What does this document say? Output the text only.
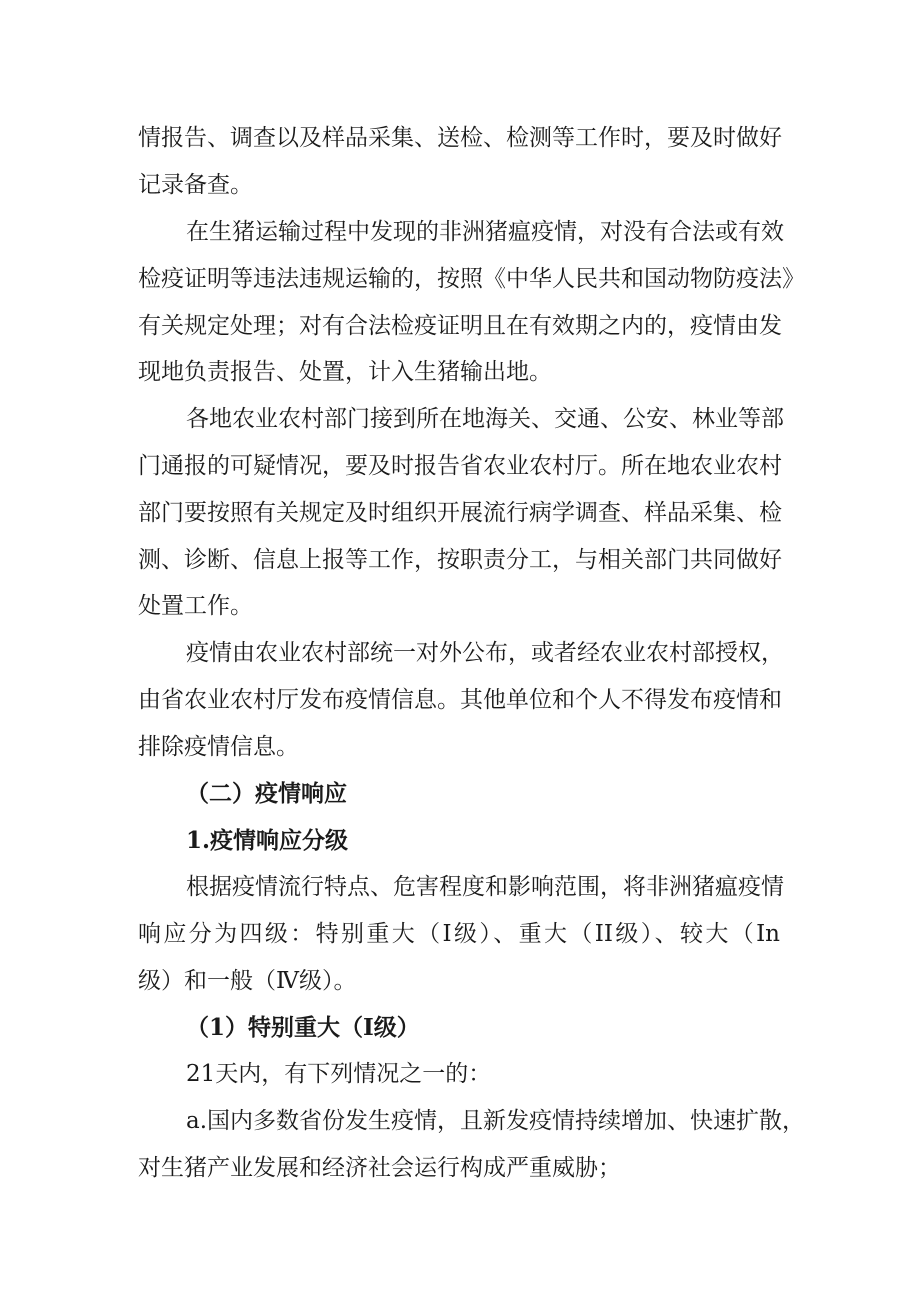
情报告、调查以及样品采集、送检、检测等工作时，要及时做好

记录备查。

在生猪运输过程中发现的非洲猪瘟疫情，对没有合法或有效

检疫证明等违法违规运输的，按照《中华人民共和国动物防疫法》

有关规定处理；对有合法检疫证明且在有效期之内的，疫情由发

现地负责报告、处置，计入生猪输出地。

各地农业农村部门接到所在地海关、交通、公安、林业等部

门通报的可疑情况，要及时报告省农业农村厅。所在地农业农村

部门要按照有关规定及时组织开展流行病学调查、样品采集、检

测、诊断、信息上报等工作，按职责分工，与相关部门共同做好

处置工作。

疫情由农业农村部统一对外公布，或者经农业农村部授权，

由省农业农村厅发布疫情信息。其他单位和个人不得发布疫情和

排除疫情信息。

（二）疫情响应

1.疫情响应分级

根据疫情流行特点、危害程度和影响范围，将非洲猪瘟疫情

响应分为四级：特别重大（Ⅰ级）、重大（II级）、较大（In

级）和一般（Ⅳ级）。

（1）特别重大（Ⅰ级）

21天内，有下列情况之一的：

a.国内多数省份发生疫情，且新发疫情持续增加、快速扩散，

对生猪产业发展和经济社会运行构成严重威胁；
